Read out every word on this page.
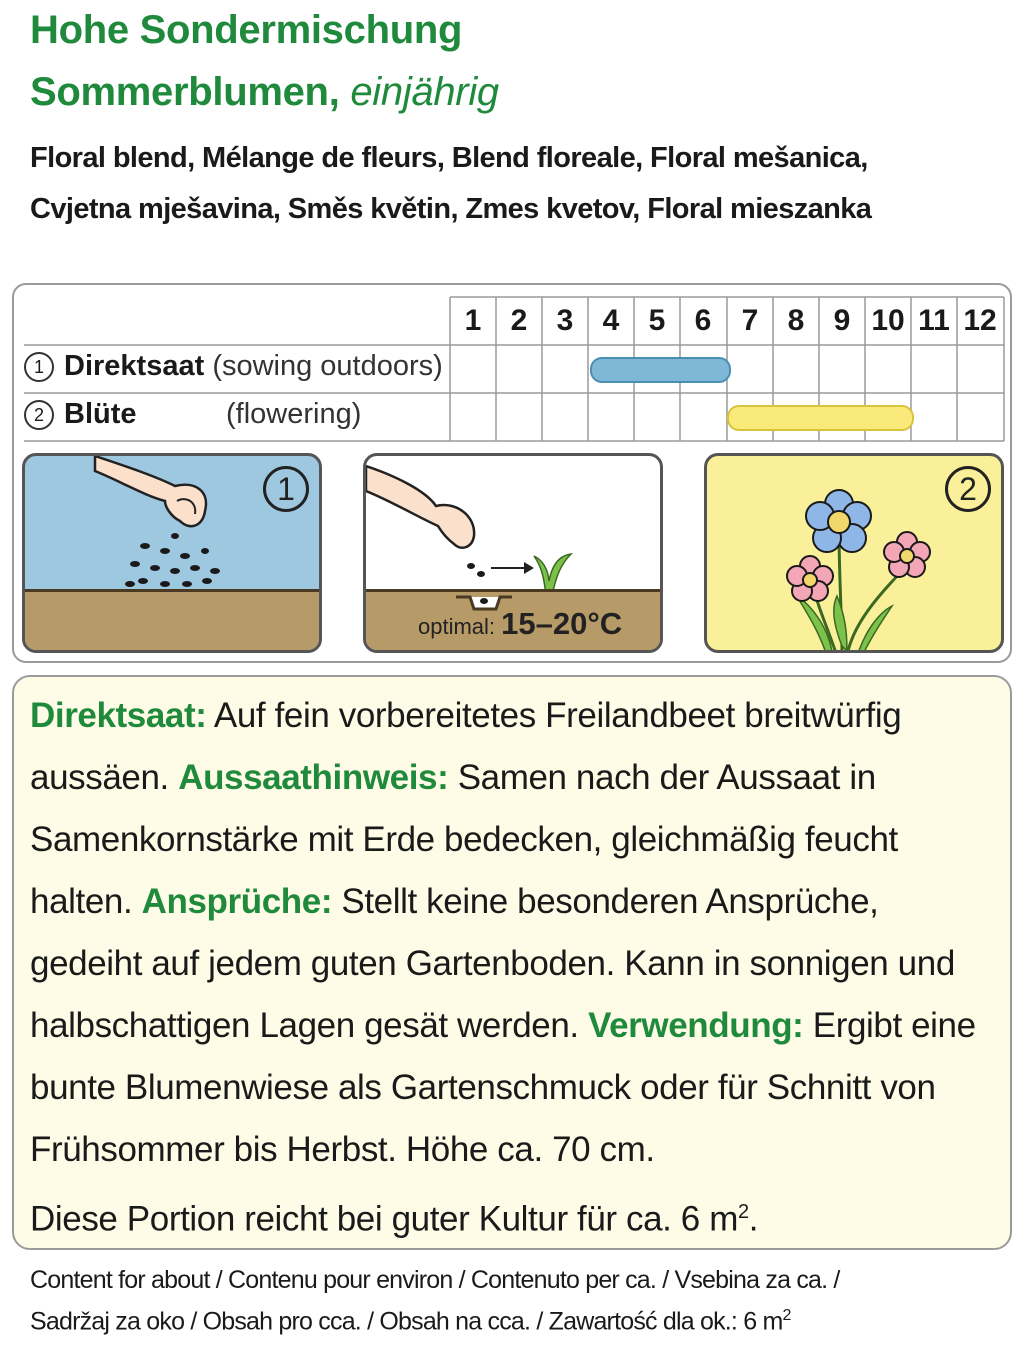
Hohe Sondermischung
Sommerblumen, einjährig
Floral blend, Mélange de fleurs, Blend floreale, Floral mešanica,
Cvjetna mješavina, Směs květin, Zmes kvetov, Floral mieszanka
1 2 3 4 5 6	7 8 9 10 11 12
1 Direktsaat (sowing outdoors)
2 Blüte	(flowering)
1
optimal: 15–20°C
2
Direktsaat: Auf fein vorbereitetes Freilandbeet breitwürfig
aussäen. Aussaathinweis: Samen nach der Aussaat in
Samenkornstärke mit Erde bedecken, gleichmäßig feucht
halten. Ansprüche: Stellt keine besonderen Ansprüche,
gedeiht auf jedem guten Gartenboden. Kann in sonnigen und
halbschattigen Lagen gesät werden. Verwendung: Ergibt eine
bunte Blumenwiese als Gartenschmuck oder für Schnitt von
Frühsommer bis Herbst. Höhe ca. 70 cm.
Diese Portion reicht bei guter Kultur für ca. 6 $m^2$.
Content for about / Contenu pour environ / Contenuto per ca. / Vsebina za ca. /
Sadržaj za oko / Obsah pro cca. / Obsah na cca. / Zawartość dla ok.: 6 $m^2$
